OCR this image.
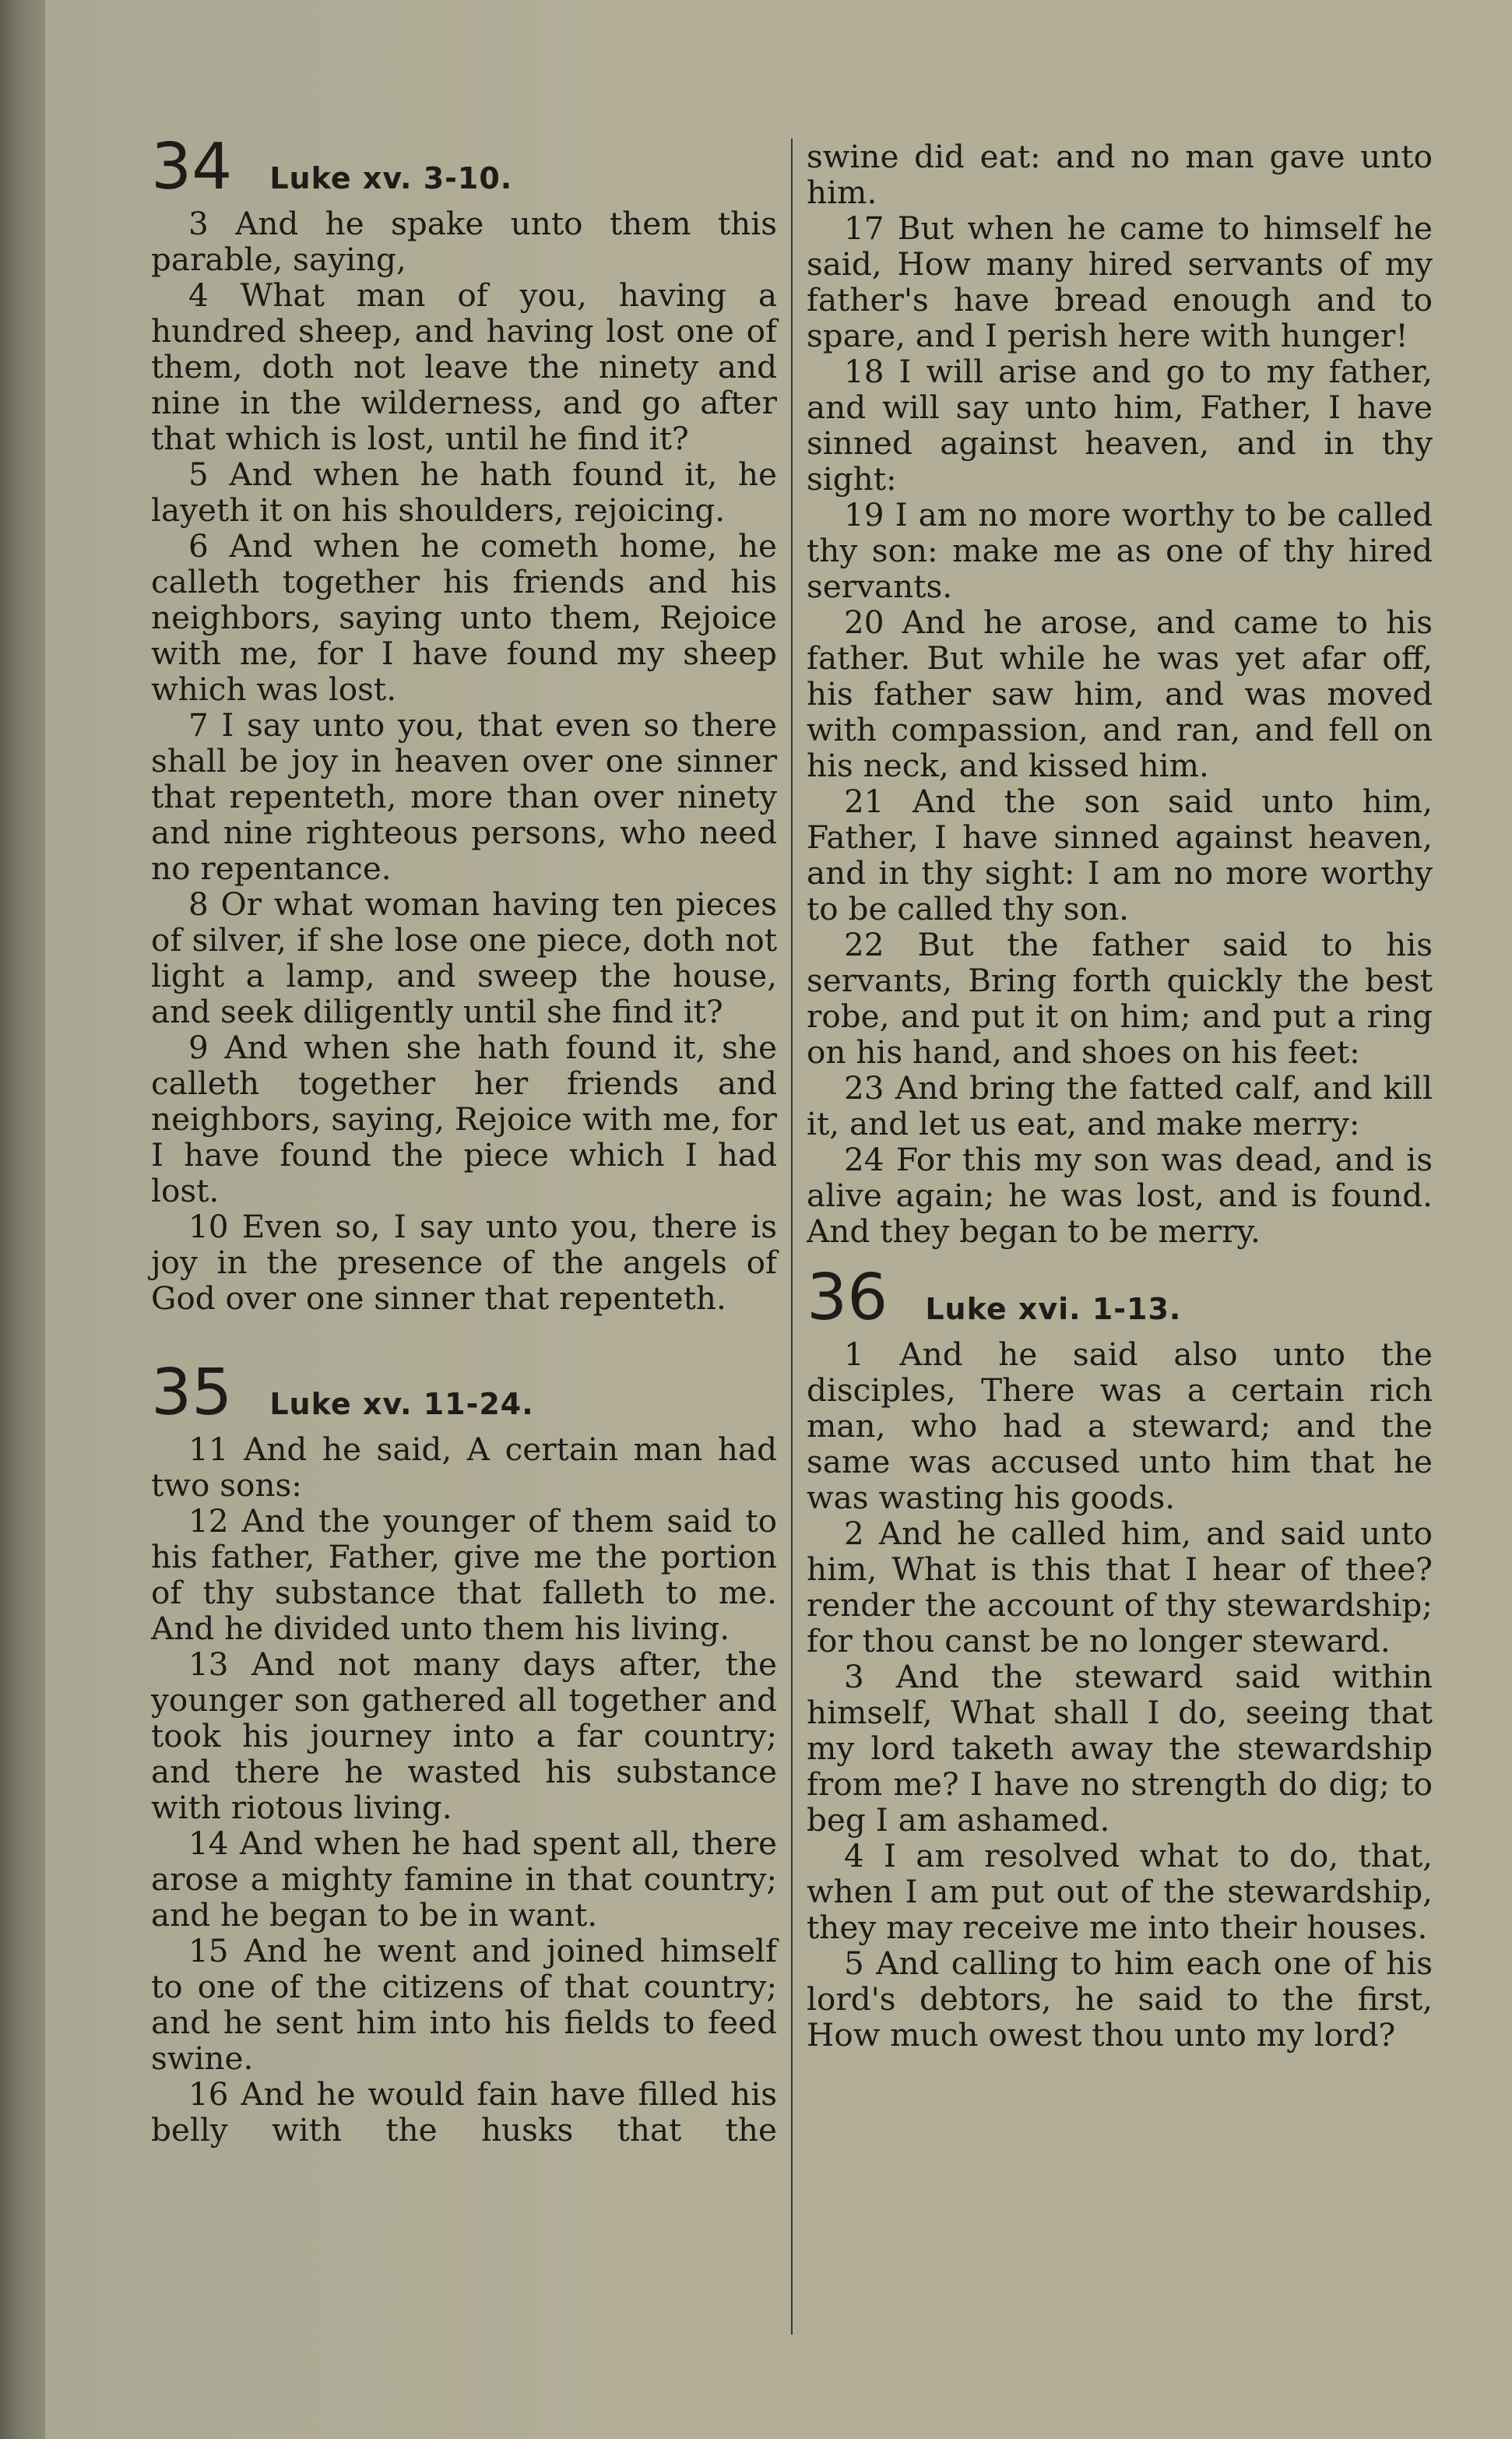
34 Luke xv. 3-10.

3 And he spake unto them this parable, saying,

4 What man of you, having a hundred sheep, and having lost one of them, doth not leave the ninety and nine in the wilderness, and go after that which is lost, until he find it?

5 And when he hath found it, he layeth it on his shoulders, rejoicing.

6 And when he cometh home, he calleth together his friends and his neighbors, saying unto them, Rejoice with me, for I have found my sheep which was lost.

7 I say unto you, that even so there shall be joy in heaven over one sinner that repenteth, more than over ninety and nine righteous persons, who need no repentance.

8 Or what woman having ten pieces of silver, if she lose one piece, doth not light a lamp, and sweep the house, and seek diligently until she find it?

9 And when she hath found it, she calleth together her friends and neighbors, saying, Rejoice with me, for I have found the piece which I had lost.

10 Even so, I say unto you, there is joy in the presence of the angels of God over one sinner that repenteth.

35 Luke xv. 11-24.

11 And he said, A certain man had two sons:

12 And the younger of them said to his father, Father, give me the portion of thy substance that falleth to me. And he divided unto them his living.

13 And not many days after, the younger son gathered all together and took his journey into a far country; and there he wasted his substance with riotous living.

14 And when he had spent all, there arose a mighty famine in that country; and he began to be in want.

15 And he went and joined himself to one of the citizens of that country; and he sent him into his fields to feed swine.

16 And he would fain have filled his belly with the husks that the

swine did eat: and no man gave unto him.

17 But when he came to himself he said, How many hired servants of my father's have bread enough and to spare, and I perish here with hunger!

18 I will arise and go to my father, and will say unto him, Father, I have sinned against heaven, and in thy sight:

19 I am no more worthy to be called thy son: make me as one of thy hired servants.

20 And he arose, and came to his father. But while he was yet afar off, his father saw him, and was moved with compassion, and ran, and fell on his neck, and kissed him.

21 And the son said unto him, Father, I have sinned against heaven, and in thy sight: I am no more worthy to be called thy son.

22 But the father said to his servants, Bring forth quickly the best robe, and put it on him; and put a ring on his hand, and shoes on his feet:

23 And bring the fatted calf, and kill it, and let us eat, and make merry:

24 For this my son was dead, and is alive again; he was lost, and is found. And they began to be merry.

36 Luke xvi. 1-13.

1 And he said also unto the disciples, There was a certain rich man, who had a steward; and the same was accused unto him that he was wasting his goods.

2 And he called him, and said unto him, What is this that I hear of thee? render the account of thy stewardship; for thou canst be no longer steward.

3 And the steward said within himself, What shall I do, seeing that my lord taketh away the stewardship from me? I have no strength do dig; to beg I am ashamed.

4 I am resolved what to do, that, when I am put out of the stewardship, they may receive me into their houses.

5 And calling to him each one of his lord's debtors, he said to the first, How much owest thou unto my lord?
